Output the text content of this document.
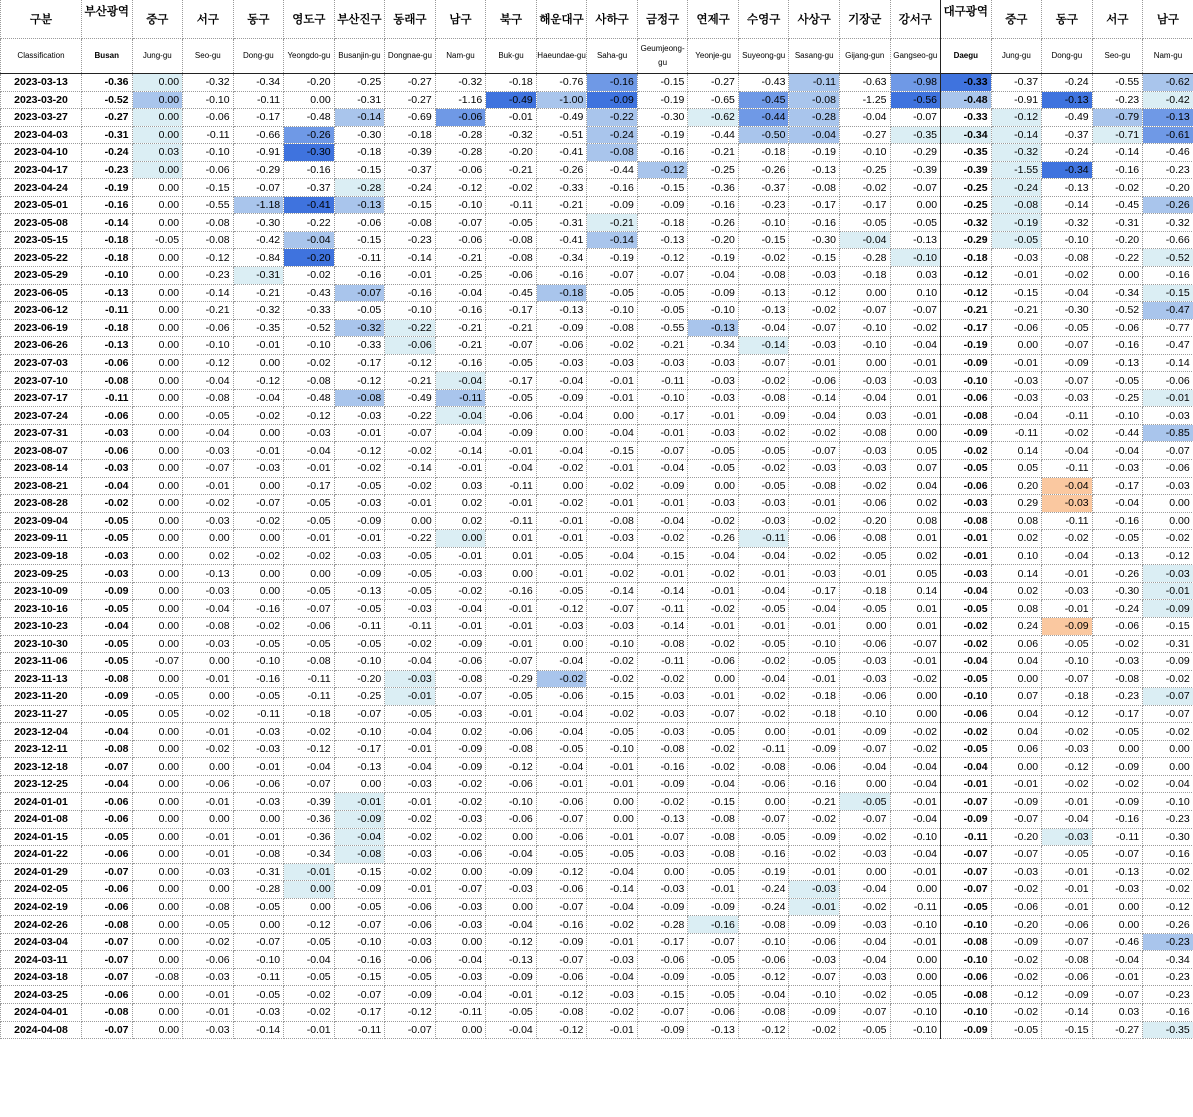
구분	부산광역	중구	서구	동구	영도구	부산진구	동래구	남구	북구	해운대구	사하구	금정구	연제구	수영구	사상구	기장군	강서구	대구광역	중구	동구	서구	남구
Classification	Busan	Jung-gu	Seo-gu	Dong-gu	Yeongdo-gu	Busanjin-gu	Dongnae-gu	Nam-gu	Buk-gu	Haeundae-gu	Saha-gu	Geumjeong-gu	Yeonje-gu	Suyeong-gu	Sasang-gu	Gijang-gun	Gangseo-gu	Daegu	Jung-gu	Dong-gu	Seo-gu	Nam-gu
2023-03-13	-0.36	0.00	-0.32	-0.34	-0.20	-0.25	-0.27	-0.32	-0.18	-0.76	-0.16	-0.15	-0.27	-0.43	-0.11	-0.63	-0.98	-0.33	-0.37	-0.24	-0.55	-0.62
2023-03-20	-0.52	0.00	-0.10	-0.11	0.00	-0.31	-0.27	-1.16	-0.49	-1.00	-0.09	-0.19	-0.65	-0.45	-0.08	-1.25	-0.56	-0.48	-0.91	-0.13	-0.23	-0.42
2023-03-27	-0.27	0.00	-0.06	-0.17	-0.48	-0.14	-0.69	-0.06	-0.01	-0.49	-0.22	-0.30	-0.62	-0.44	-0.28	-0.04	-0.07	-0.33	-0.12	-0.49	-0.79	-0.13
2023-04-03	-0.31	0.00	-0.11	-0.66	-0.26	-0.30	-0.18	-0.28	-0.32	-0.51	-0.24	-0.19	-0.44	-0.50	-0.04	-0.27	-0.35	-0.34	-0.14	-0.37	-0.71	-0.61
2023-04-10	-0.24	0.03	-0.10	-0.91	-0.30	-0.18	-0.39	-0.28	-0.20	-0.41	-0.08	-0.16	-0.21	-0.18	-0.19	-0.10	-0.29	-0.35	-0.32	-0.24	-0.14	-0.46
2023-04-17	-0.23	0.00	-0.06	-0.29	-0.16	-0.15	-0.37	-0.06	-0.21	-0.26	-0.44	-0.12	-0.25	-0.26	-0.13	-0.25	-0.39	-0.39	-1.55	-0.34	-0.16	-0.23
2023-04-24	-0.19	0.00	-0.15	-0.07	-0.37	-0.28	-0.24	-0.12	-0.02	-0.33	-0.16	-0.15	-0.36	-0.37	-0.08	-0.02	-0.07	-0.25	-0.24	-0.13	-0.02	-0.20
2023-05-01	-0.16	0.00	-0.55	-1.18	-0.41	-0.13	-0.15	-0.10	-0.11	-0.21	-0.09	-0.09	-0.16	-0.23	-0.17	-0.17	0.00	-0.25	-0.08	-0.14	-0.45	-0.26
2023-05-08	-0.14	0.00	-0.08	-0.30	-0.22	-0.06	-0.08	-0.07	-0.05	-0.31	-0.21	-0.18	-0.26	-0.10	-0.16	-0.05	-0.05	-0.32	-0.19	-0.32	-0.31	-0.32
2023-05-15	-0.18	-0.05	-0.08	-0.42	-0.04	-0.15	-0.23	-0.06	-0.08	-0.41	-0.14	-0.13	-0.20	-0.15	-0.30	-0.04	-0.13	-0.29	-0.05	-0.10	-0.20	-0.66
2023-05-22	-0.18	0.00	-0.12	-0.84	-0.20	-0.11	-0.14	-0.21	-0.08	-0.34	-0.19	-0.12	-0.19	-0.02	-0.15	-0.28	-0.10	-0.18	-0.03	-0.08	-0.22	-0.52
2023-05-29	-0.10	0.00	-0.23	-0.31	-0.02	-0.16	-0.01	-0.25	-0.06	-0.16	-0.07	-0.07	-0.04	-0.08	-0.03	-0.18	0.03	-0.12	-0.01	-0.02	0.00	-0.16
2023-06-05	-0.13	0.00	-0.14	-0.21	-0.43	-0.07	-0.16	-0.04	-0.45	-0.18	-0.05	-0.05	-0.09	-0.13	-0.12	0.00	0.10	-0.12	-0.15	-0.04	-0.34	-0.15
2023-06-12	-0.11	0.00	-0.21	-0.32	-0.33	-0.05	-0.10	-0.16	-0.17	-0.13	-0.10	-0.05	-0.10	-0.13	-0.02	-0.07	-0.07	-0.21	-0.21	-0.30	-0.52	-0.47
2023-06-19	-0.18	0.00	-0.06	-0.35	-0.52	-0.32	-0.22	-0.21	-0.21	-0.09	-0.08	-0.55	-0.13	-0.04	-0.07	-0.10	-0.02	-0.17	-0.06	-0.05	-0.06	-0.77
2023-06-26	-0.13	0.00	-0.10	-0.01	-0.10	-0.33	-0.06	-0.21	-0.07	-0.06	-0.02	-0.21	-0.34	-0.14	-0.03	-0.10	-0.04	-0.19	0.00	-0.07	-0.16	-0.47
2023-07-03	-0.06	0.00	-0.12	0.00	-0.02	-0.17	-0.12	-0.16	-0.05	-0.03	-0.03	-0.03	-0.03	-0.07	-0.01	0.00	-0.01	-0.09	-0.01	-0.09	-0.13	-0.14
2023-07-10	-0.08	0.00	-0.04	-0.12	-0.08	-0.12	-0.21	-0.04	-0.17	-0.04	-0.01	-0.11	-0.03	-0.02	-0.06	-0.03	-0.03	-0.10	-0.03	-0.07	-0.05	-0.06
2023-07-17	-0.11	0.00	-0.08	-0.04	-0.48	-0.08	-0.49	-0.11	-0.05	-0.09	-0.01	-0.10	-0.03	-0.08	-0.14	-0.04	0.01	-0.06	-0.03	-0.03	-0.25	-0.01
2023-07-24	-0.06	0.00	-0.05	-0.02	-0.12	-0.03	-0.22	-0.04	-0.06	-0.04	0.00	-0.17	-0.01	-0.09	-0.04	0.03	-0.01	-0.08	-0.04	-0.11	-0.10	-0.03
2023-07-31	-0.03	0.00	-0.04	0.00	-0.03	-0.01	-0.07	-0.04	-0.09	0.00	-0.04	-0.01	-0.03	-0.02	-0.02	-0.08	0.00	-0.09	-0.11	-0.02	-0.44	-0.85
2023-08-07	-0.06	0.00	-0.03	-0.01	-0.04	-0.12	-0.02	-0.14	-0.01	-0.04	-0.15	-0.07	-0.05	-0.05	-0.07	-0.03	0.05	-0.02	0.14	-0.04	-0.04	-0.07
2023-08-14	-0.03	0.00	-0.07	-0.03	-0.01	-0.02	-0.14	-0.01	-0.04	-0.02	-0.01	-0.04	-0.05	-0.02	-0.03	-0.03	0.07	-0.05	0.05	-0.11	-0.03	-0.06
2023-08-21	-0.04	0.00	-0.01	0.00	-0.17	-0.05	-0.02	0.03	-0.11	0.00	-0.02	-0.09	0.00	-0.05	-0.08	-0.02	0.04	-0.06	0.20	-0.04	-0.17	-0.03
2023-08-28	-0.02	0.00	-0.02	-0.07	-0.05	-0.03	-0.01	0.02	-0.01	-0.02	-0.01	-0.01	-0.03	-0.03	-0.01	-0.06	0.02	-0.03	0.29	-0.03	-0.04	0.00
2023-09-04	-0.05	0.00	-0.03	-0.02	-0.05	-0.09	0.00	0.02	-0.11	-0.01	-0.08	-0.04	-0.02	-0.03	-0.02	-0.20	0.08	-0.08	0.08	-0.11	-0.16	0.00
2023-09-11	-0.05	0.00	0.00	0.00	-0.01	-0.01	-0.22	0.00	0.01	-0.01	-0.03	-0.02	-0.26	-0.11	-0.06	-0.08	0.01	-0.01	0.02	-0.02	-0.05	-0.02
2023-09-18	-0.03	0.00	0.02	-0.02	-0.02	-0.03	-0.05	-0.01	0.01	-0.05	-0.04	-0.15	-0.04	-0.04	-0.02	-0.05	0.02	-0.01	0.10	-0.04	-0.13	-0.12
2023-09-25	-0.03	0.00	-0.13	0.00	0.00	-0.09	-0.05	-0.03	0.00	-0.01	-0.02	-0.01	-0.02	-0.01	-0.03	-0.01	0.05	-0.03	0.14	-0.01	-0.26	-0.03
2023-10-09	-0.09	0.00	-0.03	0.00	-0.05	-0.13	-0.05	-0.02	-0.16	-0.05	-0.14	-0.14	-0.01	-0.04	-0.17	-0.18	0.14	-0.04	0.02	-0.03	-0.30	-0.01
2023-10-16	-0.05	0.00	-0.04	-0.16	-0.07	-0.05	-0.03	-0.04	-0.01	-0.12	-0.07	-0.11	-0.02	-0.05	-0.04	-0.05	0.01	-0.05	0.08	-0.01	-0.24	-0.09
2023-10-23	-0.04	0.00	-0.08	-0.02	-0.06	-0.11	-0.11	-0.01	-0.01	-0.03	-0.03	-0.14	-0.01	-0.01	-0.01	0.00	0.01	-0.02	0.24	-0.09	-0.06	-0.15
2023-10-30	-0.05	0.00	-0.03	-0.05	-0.05	-0.05	-0.02	-0.09	-0.01	0.00	-0.10	-0.08	-0.02	-0.05	-0.10	-0.06	-0.07	-0.02	0.06	-0.05	-0.02	-0.31
2023-11-06	-0.05	-0.07	0.00	-0.10	-0.08	-0.10	-0.04	-0.06	-0.07	-0.04	-0.02	-0.11	-0.06	-0.02	-0.05	-0.03	-0.01	-0.04	0.04	-0.10	-0.03	-0.09
2023-11-13	-0.08	0.00	-0.01	-0.16	-0.11	-0.20	-0.03	-0.08	-0.29	-0.02	-0.02	-0.02	0.00	-0.04	-0.01	-0.03	-0.02	-0.05	0.00	-0.07	-0.08	-0.02
2023-11-20	-0.09	-0.05	0.00	-0.05	-0.11	-0.25	-0.01	-0.07	-0.05	-0.06	-0.15	-0.03	-0.01	-0.02	-0.18	-0.06	0.00	-0.10	0.07	-0.18	-0.23	-0.07
2023-11-27	-0.05	0.05	-0.02	-0.11	-0.18	-0.07	-0.05	-0.03	-0.01	-0.04	-0.02	-0.03	-0.07	-0.02	-0.18	-0.10	0.00	-0.06	0.04	-0.12	-0.17	-0.07
2023-12-04	-0.04	0.00	-0.01	-0.03	-0.02	-0.10	-0.04	0.02	-0.06	-0.04	-0.05	-0.03	-0.05	0.00	-0.01	-0.09	-0.02	-0.02	0.04	-0.02	-0.05	-0.02
2023-12-11	-0.08	0.00	-0.02	-0.03	-0.12	-0.17	-0.01	-0.09	-0.08	-0.05	-0.10	-0.08	-0.02	-0.11	-0.09	-0.07	-0.02	-0.05	0.06	-0.03	0.00	0.00
2023-12-18	-0.07	0.00	0.00	-0.01	-0.04	-0.13	-0.04	-0.09	-0.12	-0.04	-0.01	-0.16	-0.02	-0.08	-0.06	-0.04	-0.04	-0.04	0.00	-0.12	-0.09	0.00
2023-12-25	-0.04	0.00	-0.06	-0.06	-0.07	0.00	-0.03	-0.02	-0.06	-0.01	-0.01	-0.09	-0.04	-0.06	-0.16	0.00	-0.04	-0.01	-0.01	-0.02	-0.02	-0.04
2024-01-01	-0.06	0.00	-0.01	-0.03	-0.39	-0.01	-0.01	-0.02	-0.10	-0.06	0.00	-0.02	-0.15	0.00	-0.21	-0.05	-0.01	-0.07	-0.09	-0.01	-0.09	-0.10
2024-01-08	-0.06	0.00	0.00	0.00	-0.36	-0.09	-0.02	-0.03	-0.06	-0.07	0.00	-0.13	-0.08	-0.07	-0.02	-0.07	-0.04	-0.09	-0.07	-0.04	-0.16	-0.23
2024-01-15	-0.05	0.00	-0.01	-0.01	-0.36	-0.04	-0.02	-0.02	0.00	-0.06	-0.01	-0.07	-0.08	-0.05	-0.09	-0.02	-0.10	-0.11	-0.20	-0.03	-0.11	-0.30
2024-01-22	-0.06	0.00	-0.01	-0.08	-0.34	-0.08	-0.03	-0.06	-0.04	-0.05	-0.05	-0.03	-0.08	-0.16	-0.02	-0.03	-0.04	-0.07	-0.07	-0.05	-0.07	-0.16
2024-01-29	-0.07	0.00	-0.03	-0.31	-0.01	-0.15	-0.02	0.00	-0.09	-0.12	-0.04	0.00	-0.05	-0.19	-0.01	0.00	-0.01	-0.07	-0.03	-0.01	-0.13	-0.02
2024-02-05	-0.06	0.00	0.00	-0.28	0.00	-0.09	-0.01	-0.07	-0.03	-0.06	-0.14	-0.03	-0.01	-0.24	-0.03	-0.04	0.00	-0.07	-0.02	-0.01	-0.03	-0.02
2024-02-19	-0.06	0.00	-0.08	-0.05	0.00	-0.05	-0.06	-0.03	0.00	-0.07	-0.04	-0.09	-0.09	-0.24	-0.01	-0.02	-0.11	-0.05	-0.06	-0.01	0.00	-0.12
2024-02-26	-0.08	0.00	-0.05	0.00	-0.12	-0.07	-0.06	-0.03	-0.04	-0.16	-0.02	-0.28	-0.16	-0.08	-0.09	-0.03	-0.10	-0.10	-0.20	-0.06	0.00	-0.26
2024-03-04	-0.07	0.00	-0.02	-0.07	-0.05	-0.10	-0.03	0.00	-0.12	-0.09	-0.01	-0.17	-0.07	-0.10	-0.06	-0.04	-0.01	-0.08	-0.09	-0.07	-0.46	-0.23
2024-03-11	-0.07	0.00	-0.06	-0.10	-0.04	-0.16	-0.06	-0.04	-0.13	-0.07	-0.03	-0.06	-0.05	-0.06	-0.03	-0.04	0.00	-0.10	-0.02	-0.08	-0.04	-0.34
2024-03-18	-0.07	-0.08	-0.03	-0.11	-0.05	-0.15	-0.05	-0.03	-0.09	-0.06	-0.04	-0.09	-0.05	-0.12	-0.07	-0.03	0.00	-0.06	-0.02	-0.06	-0.01	-0.23
2024-03-25	-0.06	0.00	-0.01	-0.05	-0.02	-0.07	-0.09	-0.04	-0.01	-0.12	-0.03	-0.15	-0.05	-0.04	-0.10	-0.02	-0.05	-0.08	-0.12	-0.09	-0.07	-0.23
2024-04-01	-0.08	0.00	-0.01	-0.03	-0.02	-0.17	-0.12	-0.11	-0.05	-0.08	-0.02	-0.07	-0.06	-0.08	-0.09	-0.07	-0.10	-0.10	-0.02	-0.14	0.03	-0.16
2024-04-08	-0.07	0.00	-0.03	-0.14	-0.01	-0.11	-0.07	0.00	-0.04	-0.12	-0.01	-0.09	-0.13	-0.12	-0.02	-0.05	-0.10	-0.09	-0.05	-0.15	-0.27	-0.35
